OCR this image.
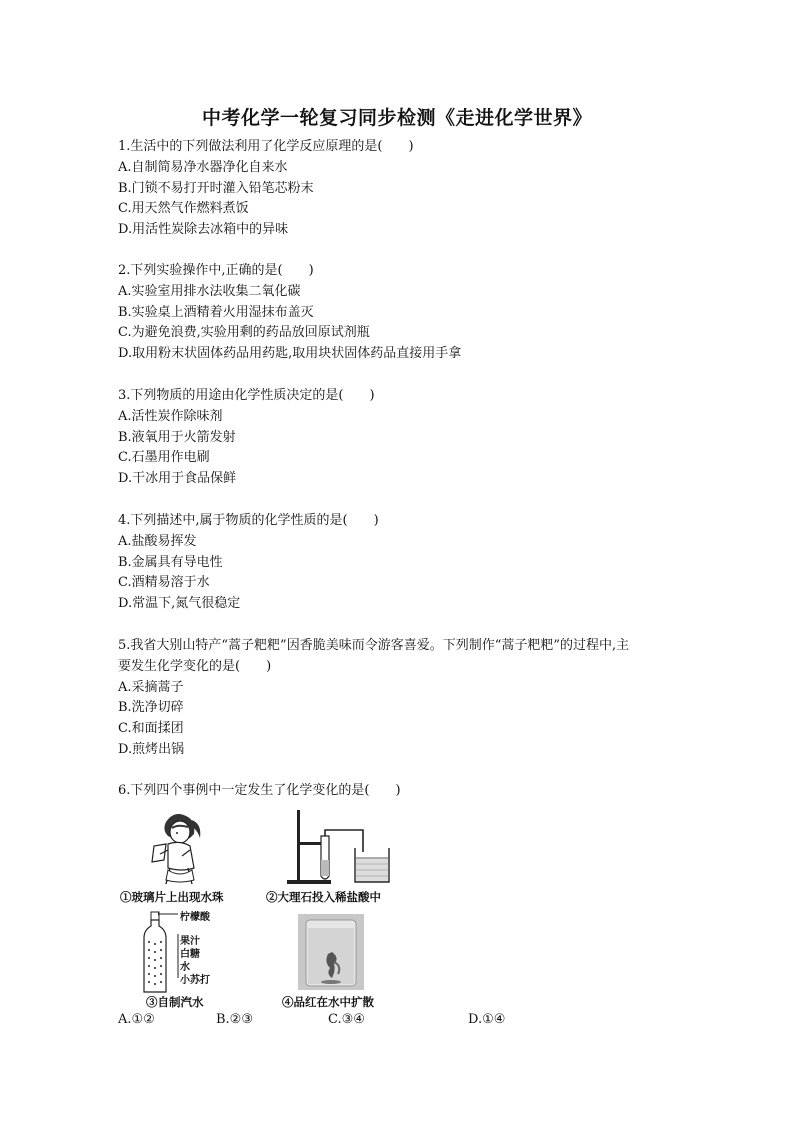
中考化学一轮复习同步检测《走进化学世界》
1.生活中的下列做法利用了化学反应原理的是(　　)
A.自制简易净水器净化自来水
B.门锁不易打开时灌入铅笔芯粉末
C.用天然气作燃料煮饭
D.用活性炭除去冰箱中的异味
2.下列实验操作中,正确的是(　　)
A.实验室用排水法收集二氧化碳
B.实验桌上酒精着火用湿抹布盖灭
C.为避免浪费,实验用剩的药品放回原试剂瓶
D.取用粉末状固体药品用药匙,取用块状固体药品直接用手拿
3.下列物质的用途由化学性质决定的是(　　)
A.活性炭作除味剂
B.液氧用于火箭发射
C.石墨用作电刷
D.干冰用于食品保鲜
4.下列描述中,属于物质的化学性质的是(　　)
A.盐酸易挥发
B.金属具有导电性
C.酒精易溶于水
D.常温下,氮气很稳定
5.我省大别山特产“蒿子粑粑”因香脆美味而令游客喜爱。下列制作“蒿子粑粑”的过程中,主
要发生化学变化的是(　　)
A.采摘蒿子
B.洗净切碎
C.和面揉团
D.煎烤出锅
6.下列四个事例中一定发生了化学变化的是(　　)
①玻璃片上出现水珠	②大理石投入稀盐酸中
柠檬酸
果汁
白糖
水
小苏打
③自制汽水	④品红在水中扩散
A.①②	B.②③	C.③④	D.①④
